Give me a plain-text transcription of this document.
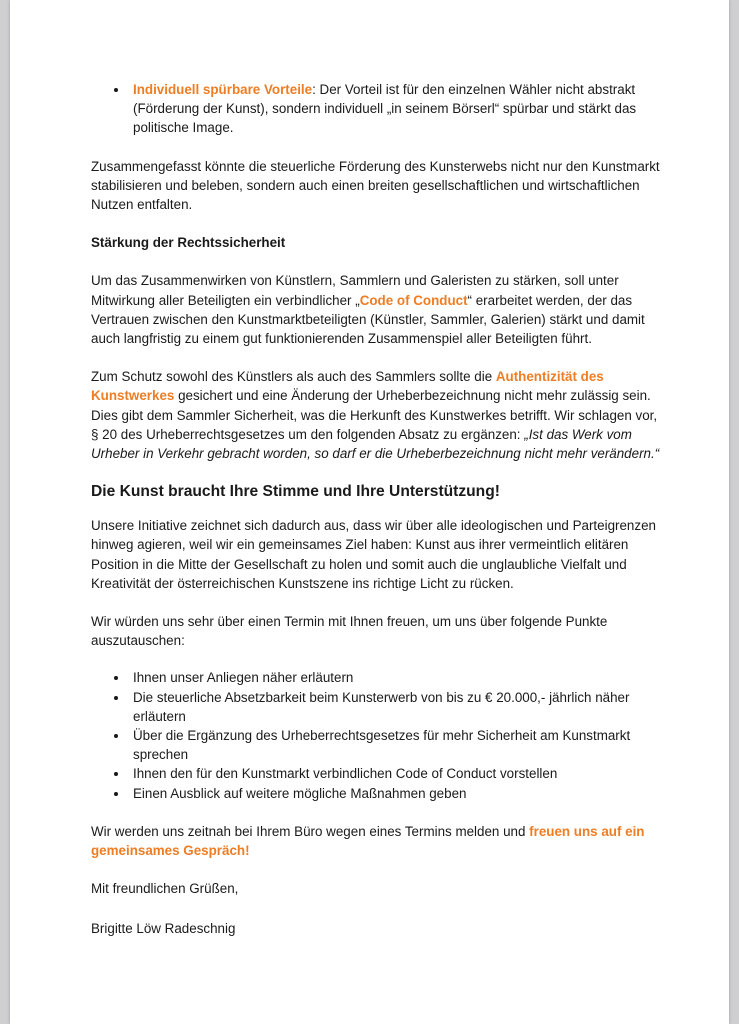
• Individuell spürbare Vorteile: Der Vorteil ist für den einzelnen Wähler nicht abstrakt (Förderung der Kunst), sondern individuell „in seinem Börserl“ spürbar und stärkt das politische Image.

Zusammengefasst könnte die steuerliche Förderung des Kunsterwebs nicht nur den Kunstmarkt stabilisieren und beleben, sondern auch einen breiten gesellschaftlichen und wirtschaftlichen Nutzen entfalten.

Stärkung der Rechtssicherheit

Um das Zusammenwirken von Künstlern, Sammlern und Galeristen zu stärken, soll unter Mitwirkung aller Beteiligten ein verbindlicher „Code of Conduct“ erarbeitet werden, der das Vertrauen zwischen den Kunstmarktbeteiligten (Künstler, Sammler, Galerien) stärkt und damit auch langfristig zu einem gut funktionierenden Zusammenspiel aller Beteiligten führt.

Zum Schutz sowohl des Künstlers als auch des Sammlers sollte die Authentizität des Kunstwerkes gesichert und eine Änderung der Urheberbezeichnung nicht mehr zulässig sein. Dies gibt dem Sammler Sicherheit, was die Herkunft des Kunstwerkes betrifft. Wir schlagen vor, § 20 des Urheberrechtsgesetzes um den folgenden Absatz zu ergänzen: „Ist das Werk vom Urheber in Verkehr gebracht worden, so darf er die Urheberbezeichnung nicht mehr verändern.“

Die Kunst braucht Ihre Stimme und Ihre Unterstützung!

Unsere Initiative zeichnet sich dadurch aus, dass wir über alle ideologischen und Parteigrenzen hinweg agieren, weil wir ein gemeinsames Ziel haben: Kunst aus ihrer vermeintlich elitären Position in die Mitte der Gesellschaft zu holen und somit auch die unglaubliche Vielfalt und Kreativität der österreichischen Kunstszene ins richtige Licht zu rücken.

Wir würden uns sehr über einen Termin mit Ihnen freuen, um uns über folgende Punkte auszutauschen:

• Ihnen unser Anliegen näher erläutern
• Die steuerliche Absetzbarkeit beim Kunsterwerb von bis zu € 20.000,- jährlich näher erläutern
• Über die Ergänzung des Urheberrechtsgesetzes für mehr Sicherheit am Kunstmarkt sprechen
• Ihnen den für den Kunstmarkt verbindlichen Code of Conduct vorstellen
• Einen Ausblick auf weitere mögliche Maßnahmen geben

Wir werden uns zeitnah bei Ihrem Büro wegen eines Termins melden und freuen uns auf ein gemeinsames Gespräch!

Mit freundlichen Grüßen,

Brigitte Löw Radeschnig
